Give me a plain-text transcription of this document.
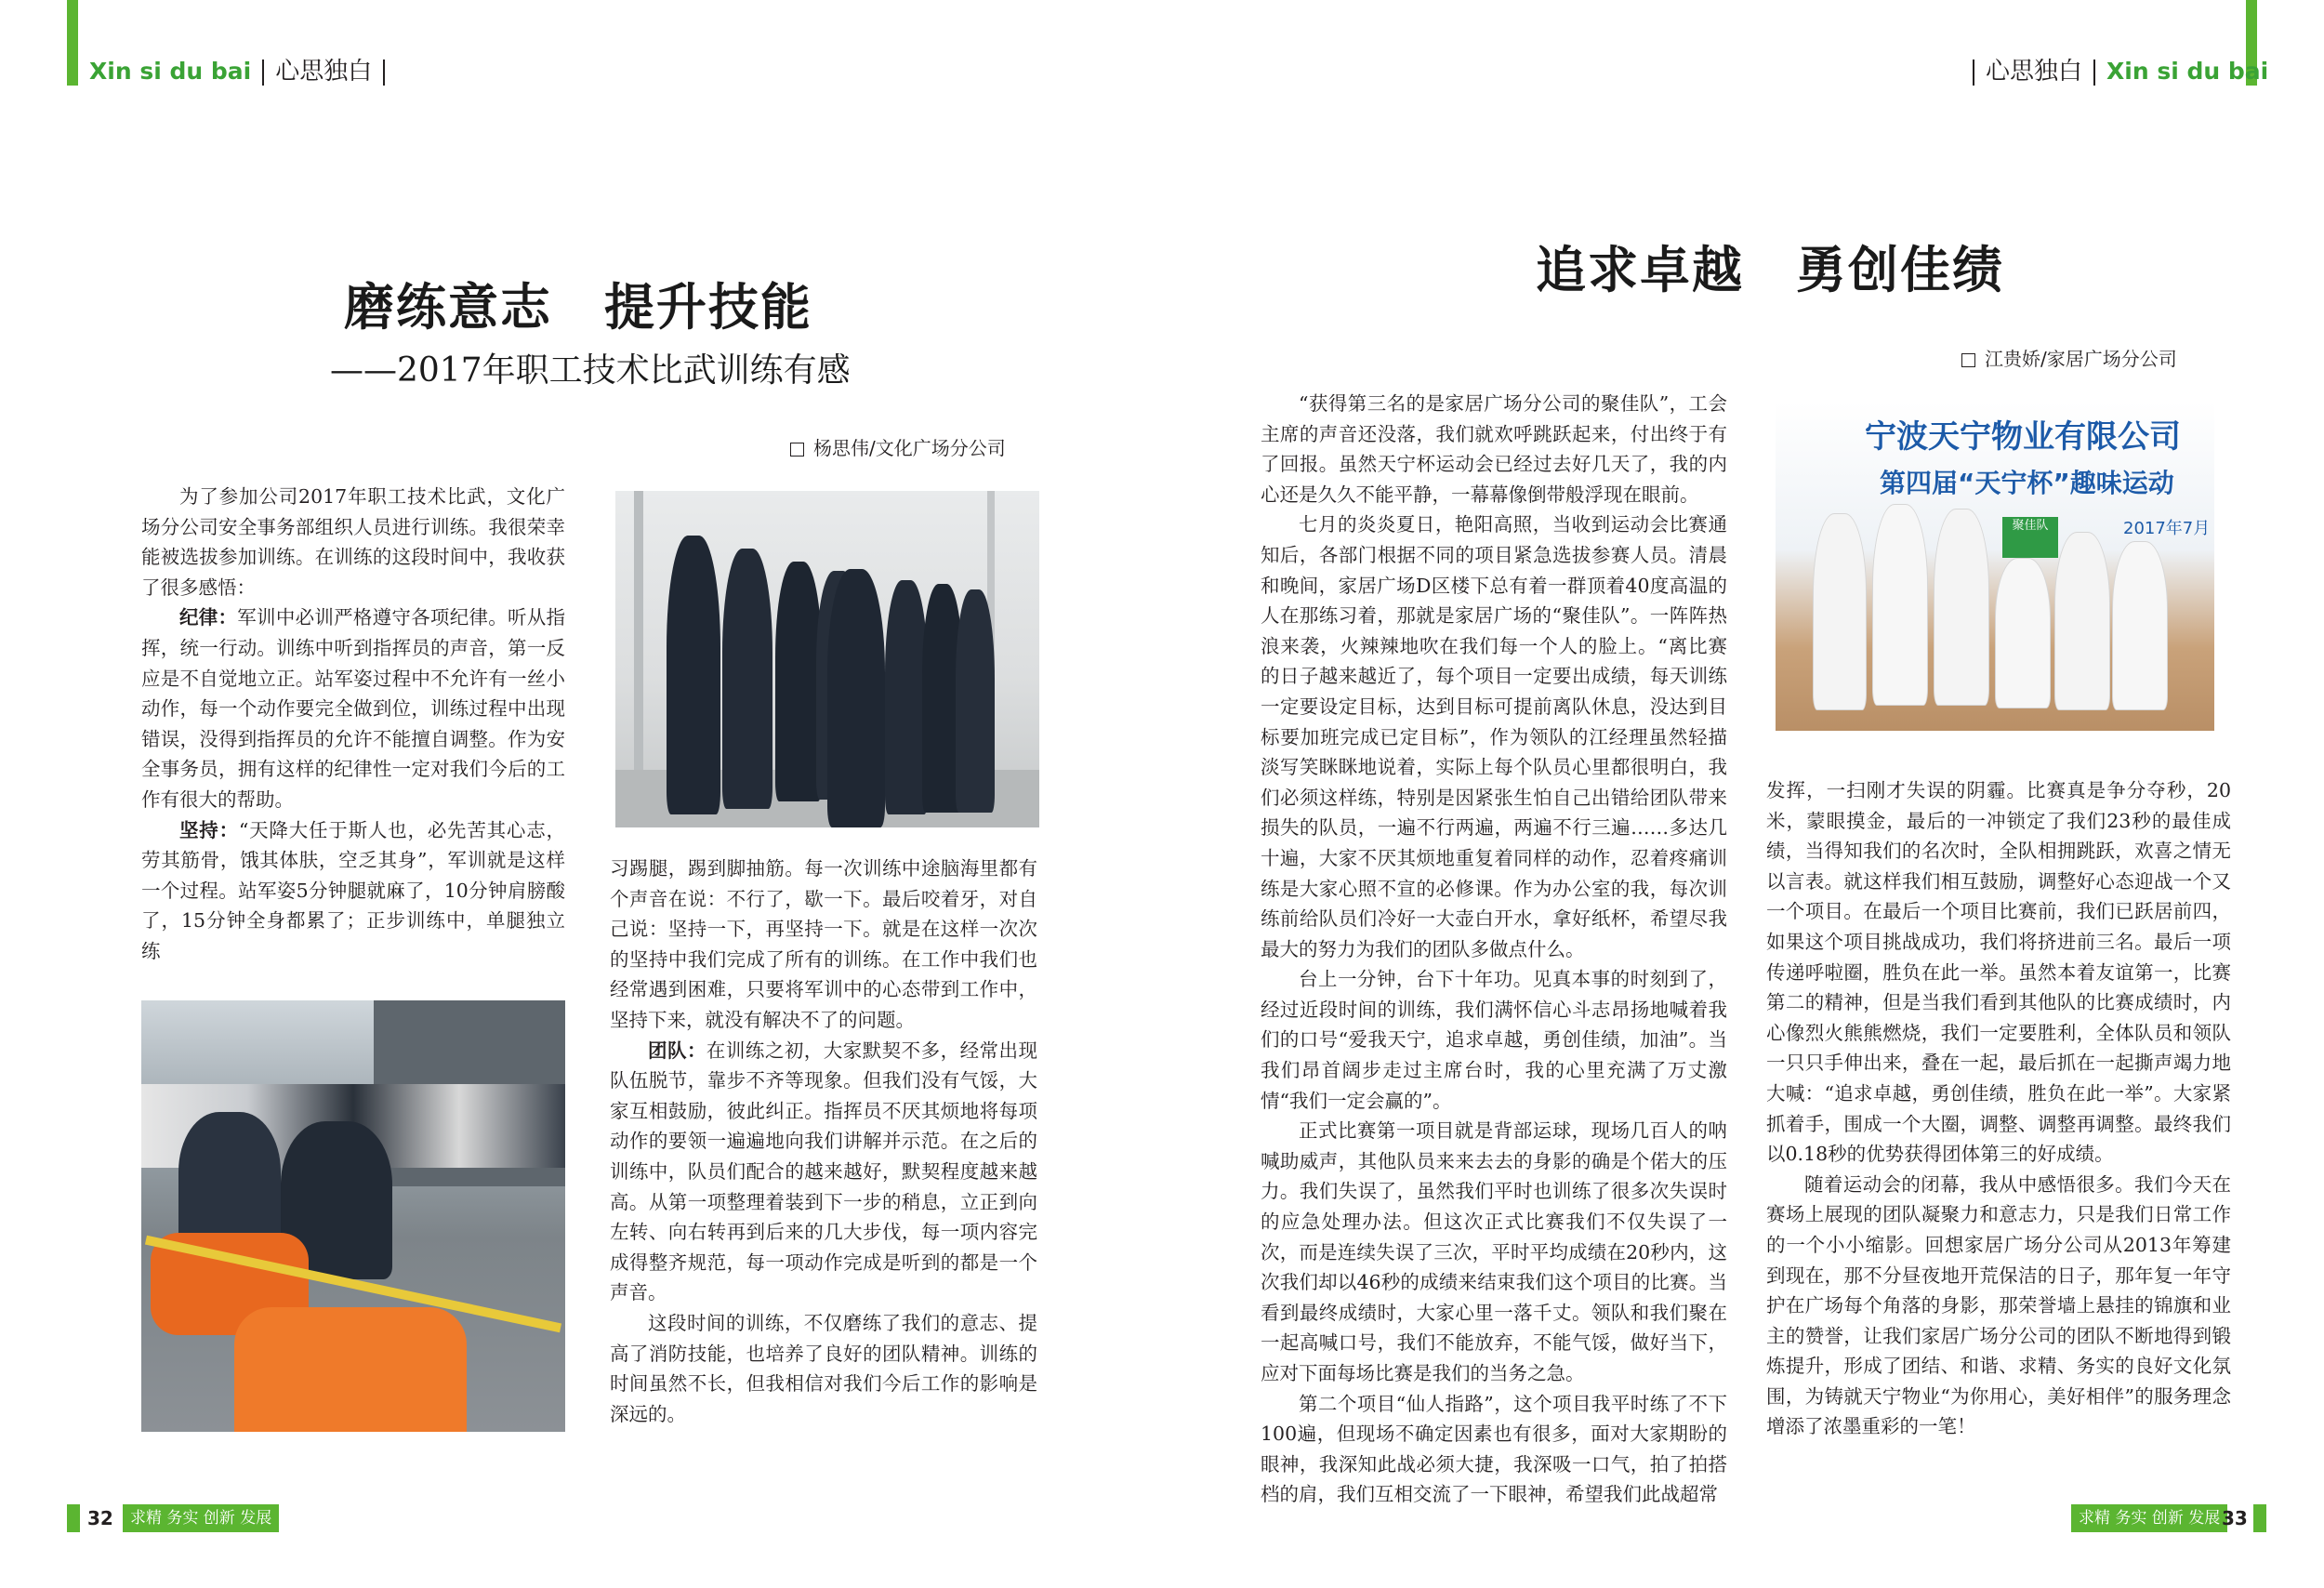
Xin si du bai 心思独白
磨练意志　提升技能
——2017年职工技术比武训练有感
杨思伟/文化广场分公司

为了参加公司2017年职工技术比武，文化广场分公司安全事务部组织人员进行训练。我很荣幸能被选拔参加训练。在训练的这段时间中，我收获了很多感悟：

纪律：军训中必训严格遵守各项纪律。听从指挥，统一行动。训练中听到指挥员的声音，第一反应是不自觉地立正。站军姿过程中不允许有一丝小动作，每一个动作要完全做到位，训练过程中出现错误，没得到指挥员的允许不能擅自调整。作为安全事务员，拥有这样的纪律性一定对我们今后的工作有很大的帮助。

坚持：“天降大任于斯人也，必先苦其心志，劳其筋骨，饿其体肤，空乏其身”，军训就是这样一个过程。站军姿5分钟腿就麻了，10分钟肩膀酸了，15分钟全身都累了；正步训练中，单腿独立练

习踢腿，踢到脚抽筋。每一次训练中途脑海里都有个声音在说：不行了，歇一下。最后咬着牙，对自己说：坚持一下，再坚持一下。就是在这样一次次的坚持中我们完成了所有的训练。在工作中我们也经常遇到困难，只要将军训中的心态带到工作中，坚持下来，就没有解决不了的问题。

团队：在训练之初，大家默契不多，经常出现队伍脱节，靠步不齐等现象。但我们没有气馁，大家互相鼓励，彼此纠正。指挥员不厌其烦地将每项动作的要领一遍遍地向我们讲解并示范。在之后的训练中，队员们配合的越来越好，默契程度越来越高。从第一项整理着装到下一步的稍息，立正到向左转、向右转再到后来的几大步伐，每一项内容完成得整齐规范，每一项动作完成是听到的都是一个声音。

这段时间的训练，不仅磨练了我们的意志、提高了消防技能，也培养了良好的团队精神。训练的时间虽然不长，但我相信对我们今后工作的影响是深远的。

32	求精 务实 创新 发展
心思独白 Xin si du bai
追求卓越　勇创佳绩
江贵娇/家居广场分公司

“获得第三名的是家居广场分公司的聚佳队”，工会主席的声音还没落，我们就欢呼跳跃起来，付出终于有了回报。虽然天宁杯运动会已经过去好几天了，我的内心还是久久不能平静，一幕幕像倒带般浮现在眼前。

七月的炎炎夏日，艳阳高照，当收到运动会比赛通知后，各部门根据不同的项目紧急选拔参赛人员。清晨和晚间，家居广场D区楼下总有着一群顶着40度高温的人在那练习着，那就是家居广场的“聚佳队”。一阵阵热浪来袭，火辣辣地吹在我们每一个人的脸上。“离比赛的日子越来越近了，每个项目一定要出成绩，每天训练一定要设定目标，达到目标可提前离队休息，没达到目标要加班完成已定目标”，作为领队的江经理虽然轻描淡写笑眯眯地说着，实际上每个队员心里都很明白，我们必须这样练，特别是因紧张生怕自己出错给团队带来损失的队员，一遍不行两遍，两遍不行三遍……多达几十遍，大家不厌其烦地重复着同样的动作，忍着疼痛训练是大家心照不宣的必修课。作为办公室的我，每次训练前给队员们冷好一大壶白开水，拿好纸杯，希望尽我最大的努力为我们的团队多做点什么。

台上一分钟，台下十年功。见真本事的时刻到了，经过近段时间的训练，我们满怀信心斗志昂扬地喊着我们的口号“爱我天宁，追求卓越，勇创佳绩，加油”。当我们昂首阔步走过主席台时，我的心里充满了万丈激情“我们一定会赢的”。

正式比赛第一项目就是背部运球，现场几百人的呐喊助威声，其他队员来来去去的身影的确是个偌大的压力。我们失误了，虽然我们平时也训练了很多次失误时的应急处理办法。但这次正式比赛我们不仅失误了一次，而是连续失误了三次，平时平均成绩在20秒内，这次我们却以46秒的成绩来结束我们这个项目的比赛。当看到最终成绩时，大家心里一落千丈。领队和我们聚在一起高喊口号，我们不能放弃，不能气馁，做好当下，应对下面每场比赛是我们的当务之急。

第二个项目“仙人指路”，这个项目我平时练了不下100遍，但现场不确定因素也有很多，面对大家期盼的眼神，我深知此战必须大捷，我深吸一口气，拍了拍搭档的肩，我们互相交流了一下眼神，希望我们此战超常

宁波天宁物业有限公司
第四届“天宁杯”趣味运动
2017年7月
聚佳队

发挥，一扫刚才失误的阴霾。比赛真是争分夺秒，20米，蒙眼摸金，最后的一冲锁定了我们23秒的最佳成绩，当得知我们的名次时，全队相拥跳跃，欢喜之情无以言表。就这样我们相互鼓励，调整好心态迎战一个又一个项目。在最后一个项目比赛前，我们已跃居前四，如果这个项目挑战成功，我们将挤进前三名。最后一项传递呼啦圈，胜负在此一举。虽然本着友谊第一，比赛第二的精神，但是当我们看到其他队的比赛成绩时，内心像烈火熊熊燃烧，我们一定要胜利，全体队员和领队一只只手伸出来，叠在一起，最后抓在一起撕声竭力地大喊：“追求卓越，勇创佳绩，胜负在此一举”。大家紧抓着手，围成一个大圈，调整、调整再调整。最终我们以0.18秒的优势获得团体第三的好成绩。

随着运动会的闭幕，我从中感悟很多。我们今天在赛场上展现的团队凝聚力和意志力，只是我们日常工作的一个小小缩影。回想家居广场分公司从2013年筹建到现在，那不分昼夜地开荒保洁的日子，那年复一年守护在广场每个角落的身影，那荣誉墙上悬挂的锦旗和业主的赞誉，让我们家居广场分公司的团队不断地得到锻炼提升，形成了团结、和谐、求精、务实的良好文化氛围，为铸就天宁物业“为你用心，美好相伴”的服务理念增添了浓墨重彩的一笔！

求精 务实 创新 发展 33
